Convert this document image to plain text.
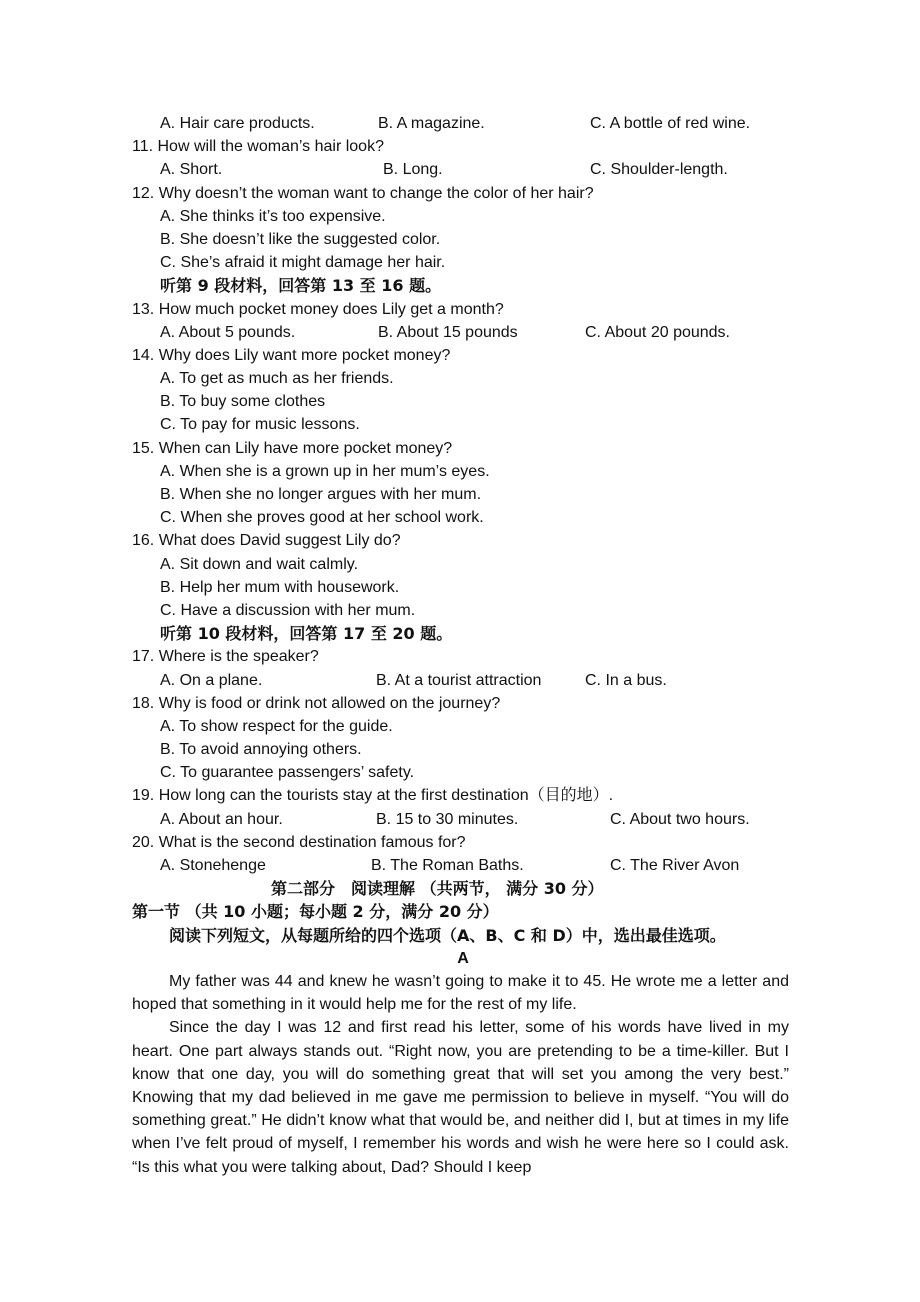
A. Hair care products.	B. A magazine.	C. A bottle of red wine.
11. How will the woman’s hair look?
A. Short.	B. Long.	C. Shoulder-length.
12. Why doesn’t the woman want to change the color of her hair?
A. She thinks it’s too expensive.
B. She doesn’t like the suggested color.
C. She’s afraid it might damage her hair.
听第 9 段材料，回答第 13 至 16 题。
13. How much pocket money does Lily get a month?
A. About 5 pounds.	B. About 15 pounds	C. About 20 pounds.
14. Why does Lily want more pocket money?
A. To get as much as her friends.
B. To buy some clothes
C. To pay for music lessons.
15. When can Lily have more pocket money?
A. When she is a grown up in her mum’s eyes.
B. When she no longer argues with her mum.
C. When she proves good at her school work.
16. What does David suggest Lily do?
A. Sit down and wait calmly.
B. Help her mum with housework.
C. Have a discussion with her mum.
听第 10 段材料，回答第 17 至 20 题。
17. Where is the speaker?
A. On a plane.	B. At a tourist attraction	C. In a bus.
18. Why is food or drink not allowed on the journey?
A. To show respect for the guide.
B. To avoid annoying others.
C. To guarantee passengers’ safety.
19. How long can the tourists stay at the first destination（目的地）.
A. About an hour.	B. 15 to 30 minutes.	C. About two hours.
20. What is the second destination famous for?
A. Stonehenge	B. The Roman Baths.	C. The River Avon
第二部分　阅读理解 （共两节， 满分 30 分）
第一节 （共 10 小题；每小题 2 分，满分 20 分）
阅读下列短文，从每题所给的四个选项（A、B、C 和 D）中，选出最佳选项。
A
My father was 44 and knew he wasn’t going to make it to 45. He wrote me a letter and hoped that something in it would help me for the rest of my life.
Since the day I was 12 and first read his letter, some of his words have lived in my heart. One part always stands out. “Right now, you are pretending to be a time-killer. But I know that one day, you will do something great that will set you among the very best.” Knowing that my dad believed in me gave me permission to believe in myself. “You will do something great.” He didn’t know what that would be, and neither did I, but at times in my life when I’ve felt proud of myself, I remember his words and wish he were here so I could ask. “Is this what you were talking about, Dad? Should I keep
